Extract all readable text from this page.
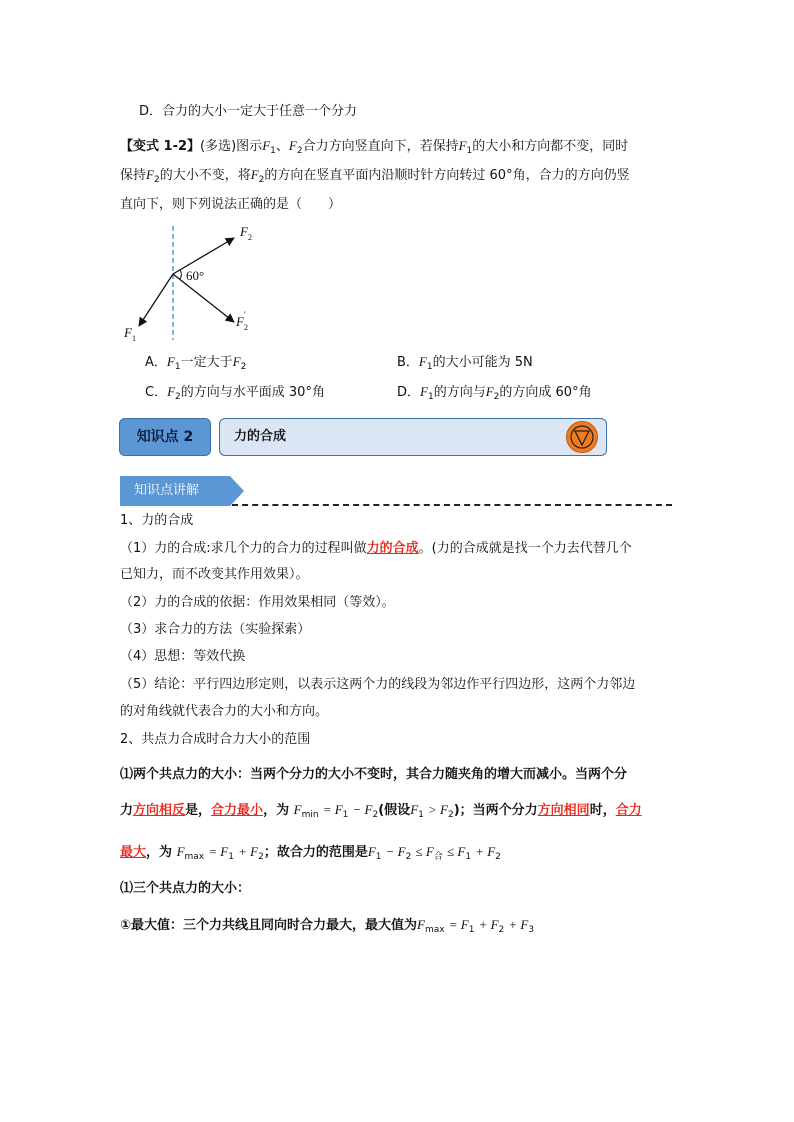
D．合力的大小一定大于任意一个分力
【变式 1-2】(多选)图示$F_1$、$F_2$合力方向竖直向下，若保持$F_1$的大小和方向都不变，同时
保持$F_2$的大小不变，将$F_2$的方向在竖直平面内沿顺时针方向转过 60°角，合力的方向仍竖
直向下，则下列说法正确的是（　　）
60°
$F_2$
$F_2'$
$F_1$
A．$F_1$一定大于$F_2$	B．$F_1$的大小可能为 5N
C．$F_2$的方向与水平面成 30°角	D．$F_1$的方向与$F_2$的方向成 60°角
知识点 2	力的合成
知识点讲解
1、力的合成
（1）力的合成:求几个力的合力的过程叫做力的合成。(力的合成就是找一个力去代替几个
已知力，而不改变其作用效果）。
（2）力的合成的依据：作用效果相同（等效）。
（3）求合力的方法（实验探索）
（4）思想：等效代换
（5）结论：平行四边形定则，以表示这两个力的线段为邻边作平行四边形，这两个力邻边
的对角线就代表合力的大小和方向。
2、共点力合成时合力大小的范围
⑴两个共点力的大小：当两个分力的大小不变时，其合力随夹角的增大而减小。当两个分
力方向相反是，合力最小，为 $F_{min} = F_1 - F_2$(假设$F_1 > F_2$)；当两个分力方向相同时，合力
最大，为 $F_{max} = F_1 + F_2$；故合力的范围是$F_1 - F_2 \le F_合 \le F_1 + F_2$
⑴三个共点力的大小：
①最大值：三个力共线且同向时合力最大，最大值为$F_{max} = F_1 + F_2 + F_3$
